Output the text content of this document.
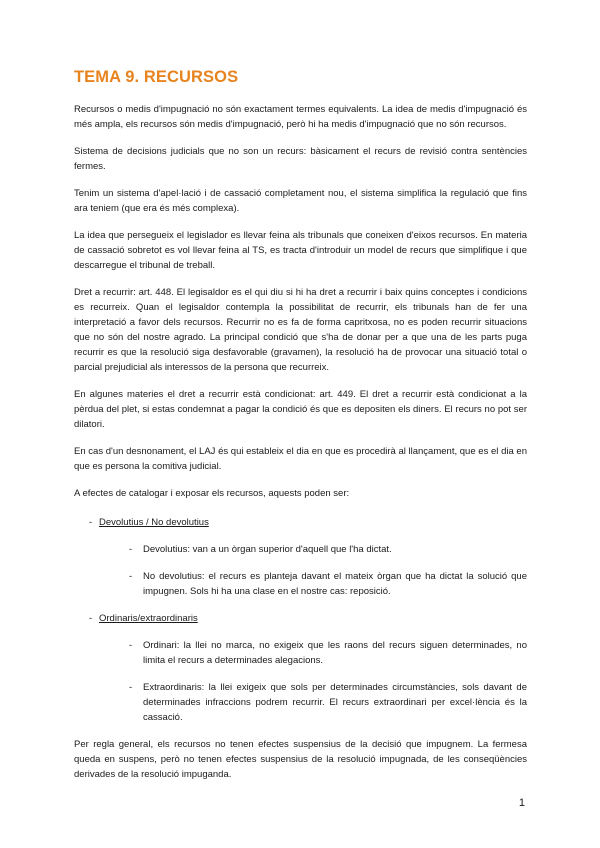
TEMA 9. RECURSOS

Recursos o medis d'impugnació no són exactament termes equivalents. La idea de medis d'impugnació és més ampla, els recursos són medis d'impugnació, però hi ha medis d'impugnació que no són recursos.

Sistema de decisions judicials que no son un recurs: bàsicament el recurs de revisió contra sentències fermes.

Tenim un sistema d'apel·lació i de cassació completament nou, el sistema simplifica la regulació que fins ara teniem (que era és més complexa).

La idea que persegueix el legislador es llevar feina als tribunals que coneixen d'eixos recursos. En materia de cassació sobretot es vol llevar feina al TS, es tracta d'introduir un model de recurs que simplifique i que descarregue el tribunal de treball.

Dret a recurrir: art. 448. El legisaldor es el qui diu si hi ha dret a recurrir i baix quins conceptes i condicions es recurreix. Quan el legisaldor contempla la possibilitat de recurrir, els tribunals han de fer una interpretació a favor dels recursos. Recurrir no es fa de forma capritxosa, no es poden recurrir situacions que no són del nostre agrado. La principal condició que s'ha de donar per a que una de les parts puga recurrir es que la resolució siga desfavorable (gravamen), la resolució ha de provocar una situació total o parcial prejudicial als interessos de la persona que recurreix.

En algunes materies el dret a recurrir està condicionat: art. 449. El dret a recurrir està condicionat a la pèrdua del plet, si estas condemnat a pagar la condició és que es depositen els diners. El recurs no pot ser dilatori.

En cas d'un desnonament, el LAJ és qui estableix el dia en que es procedirà al llançament, que es el dia en que es persona la comitiva judicial.

A efectes de catalogar i exposar els recursos, aquests poden ser:

- Devolutius / No devolutius
-	Devolutius: van a un òrgan superior d'aquell que l'ha dictat.
-	No devolutius: el recurs es planteja davant el mateix òrgan que ha dictat la solució que impugnen. Sols hi ha una clase en el nostre cas: reposició.
- Ordinaris/extraordinaris
-	Ordinari: la llei no marca, no exigeix que les raons del recurs siguen determinades, no limita el recurs a determinades alegacions.
-	Extraordinaris: la llei exigeix que sols per determinades circumstàncies, sols davant de determinades infraccions podrem recurrir. El recurs extraordinari per excel·lència és la cassació.

Per regla general, els recursos no tenen efectes suspensius de la decisió que impugnem. La fermesa queda en suspens, però no tenen efectes suspensius de la resolució impugnada, de les conseqüències derivades de la resolució impuganda.

1
